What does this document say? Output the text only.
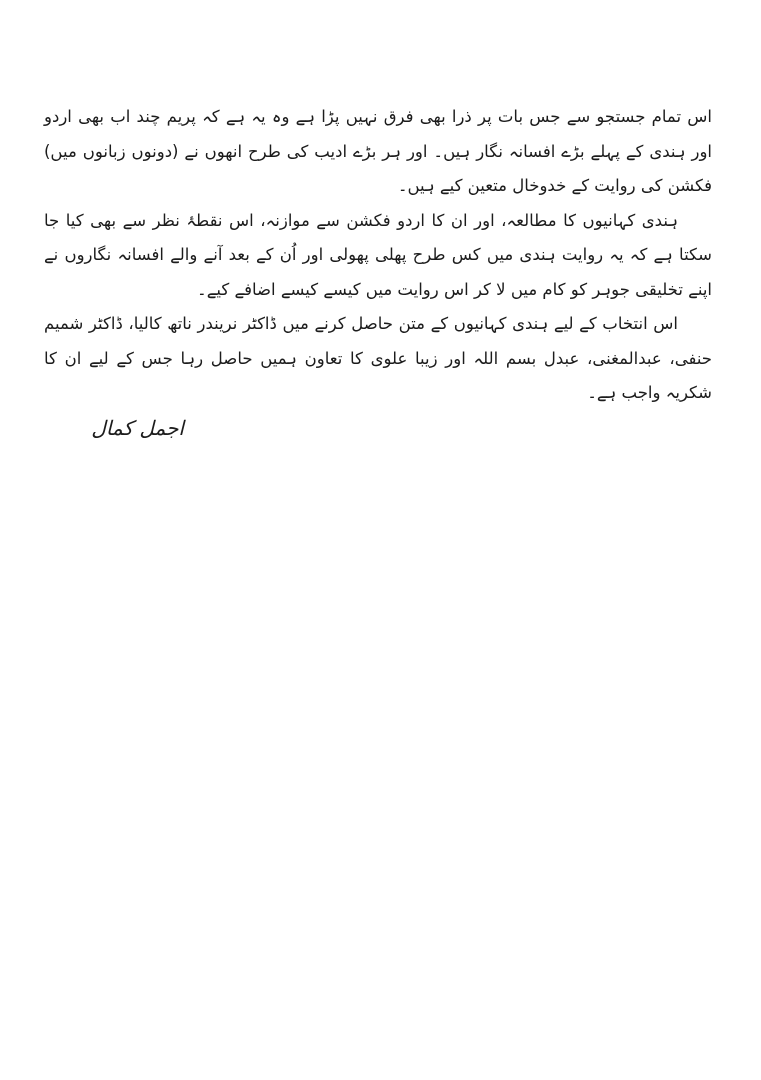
اس تمام جستجو سے جس بات پر ذرا بھی فرق نہیں پڑا ہے وہ یہ ہے کہ پریم چند اب بھی اردو اور ہندی کے پہلے بڑے افسانہ نگار ہیں۔ اور ہر بڑے ادیب کی طرح انھوں نے (دونوں زبانوں میں) فکشن کی روایت کے خدوخال متعین کیے ہیں۔

ہندی کہانیوں کا مطالعہ، اور ان کا اردو فکشن سے موازنہ، اس نقطۂ نظر سے بھی کیا جا سکتا ہے کہ یہ روایت ہندی میں کس طرح پھلی پھولی اور اُن کے بعد آنے والے افسانہ نگاروں نے اپنے تخلیقی جوہر کو کام میں لا کر اس روایت میں کیسے کیسے اضافے کیے۔

اس انتخاب کے لیے ہندی کہانیوں کے متن حاصل کرنے میں ڈاکٹر نریندر ناتھ کالیا، ڈاکٹر شمیم حنفی، عبدالمغنی، عبدل بسم اللہ اور زیبا علوی کا تعاون ہمیں حاصل رہا جس کے لیے ان کا شکریہ واجب ہے۔

اجمل کمال
